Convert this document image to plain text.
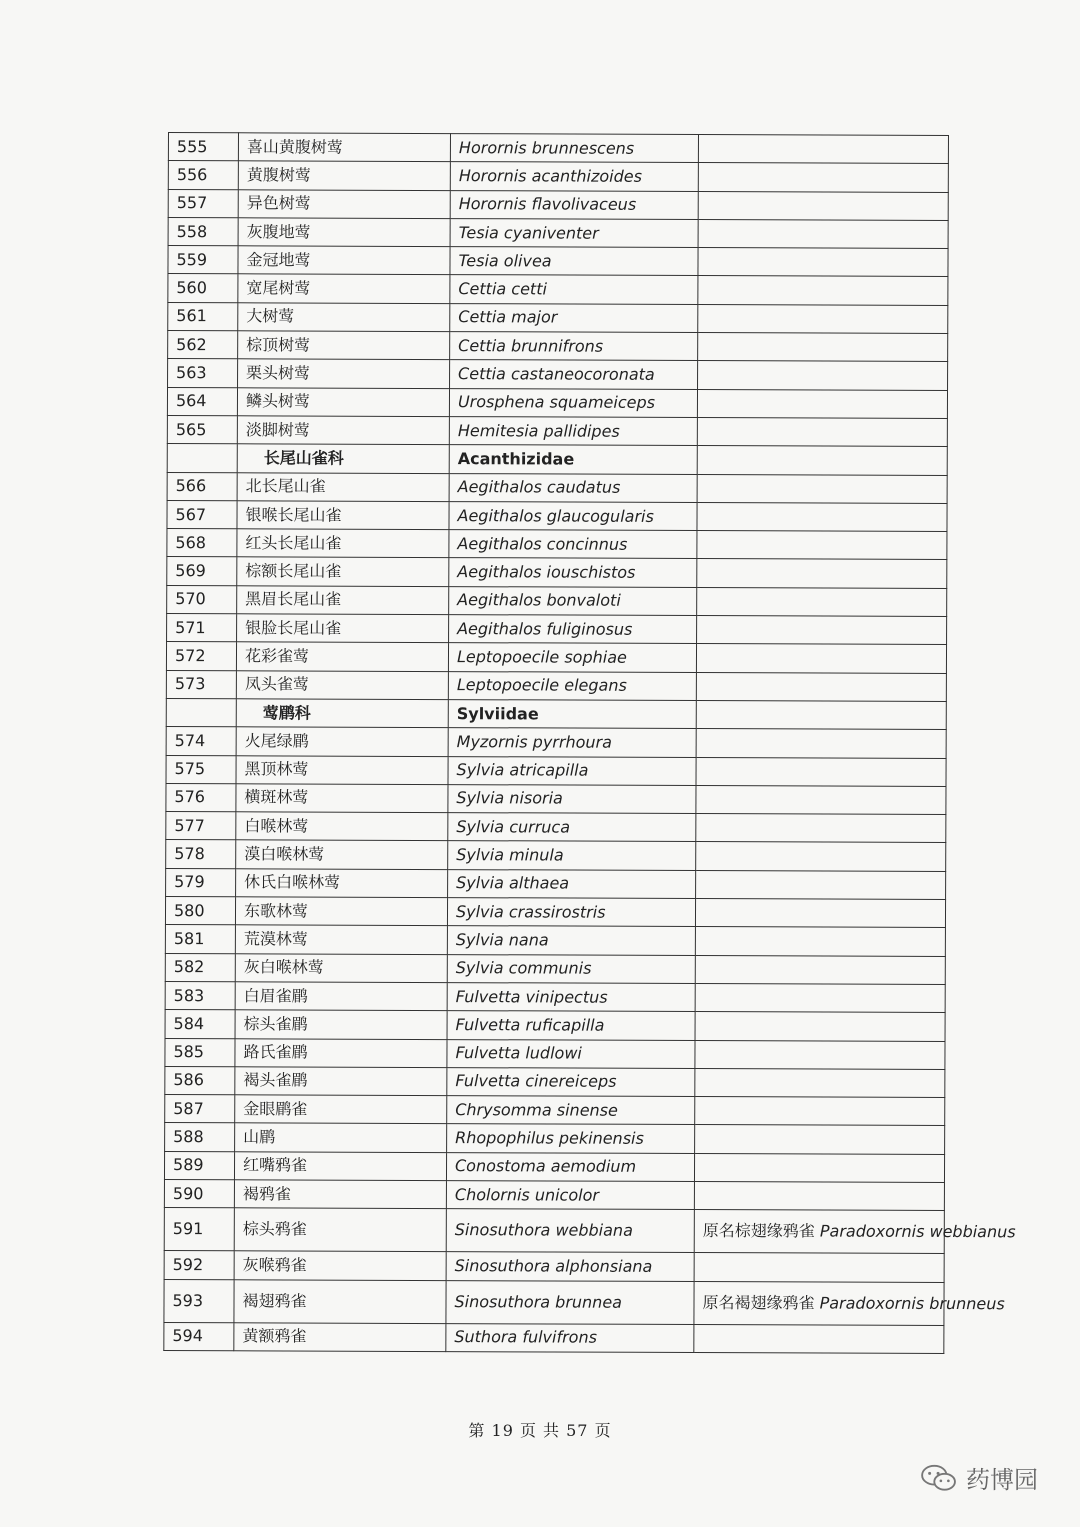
555	喜山黄腹树莺	Horornis brunnescens	
556	黄腹树莺	Horornis acanthizoides	
557	异色树莺	Horornis flavolivaceus	
558	灰腹地莺	Tesia cyaniventer	
559	金冠地莺	Tesia olivea	
560	宽尾树莺	Cettia cetti	
561	大树莺	Cettia major	
562	棕顶树莺	Cettia brunnifrons	
563	栗头树莺	Cettia castaneocoronata	
564	鳞头树莺	Urosphena squameiceps	
565	淡脚树莺	Hemitesia pallidipes	
	长尾山雀科	Acanthizidae	
566	北长尾山雀	Aegithalos caudatus	
567	银喉长尾山雀	Aegithalos glaucogularis	
568	红头长尾山雀	Aegithalos concinnus	
569	棕额长尾山雀	Aegithalos iouschistos	
570	黑眉长尾山雀	Aegithalos bonvaloti	
571	银脸长尾山雀	Aegithalos fuliginosus	
572	花彩雀莺	Leptopoecile sophiae	
573	凤头雀莺	Leptopoecile elegans	
	莺鹛科	Sylviidae	
574	火尾绿鹛	Myzornis pyrrhoura	
575	黑顶林莺	Sylvia atricapilla	
576	横斑林莺	Sylvia nisoria	
577	白喉林莺	Sylvia curruca	
578	漠白喉林莺	Sylvia minula	
579	休氏白喉林莺	Sylvia althaea	
580	东歌林莺	Sylvia crassirostris	
581	荒漠林莺	Sylvia nana	
582	灰白喉林莺	Sylvia communis	
583	白眉雀鹛	Fulvetta vinipectus	
584	棕头雀鹛	Fulvetta ruficapilla	
585	路氏雀鹛	Fulvetta ludlowi	
586	褐头雀鹛	Fulvetta cinereiceps	
587	金眼鹛雀	Chrysomma sinense	
588	山鹛	Rhopophilus pekinensis	
589	红嘴鸦雀	Conostoma aemodium	
590	褐鸦雀	Cholornis unicolor	
591	棕头鸦雀	Sinosuthora webbiana	原名棕翅缘鸦雀 Paradoxornis webbianus
592	灰喉鸦雀	Sinosuthora alphonsiana	
593	褐翅鸦雀	Sinosuthora brunnea	原名褐翅缘鸦雀 Paradoxornis brunneus
594	黄额鸦雀	Suthora fulvifrons	
第 19 页 共 57 页
药博园
